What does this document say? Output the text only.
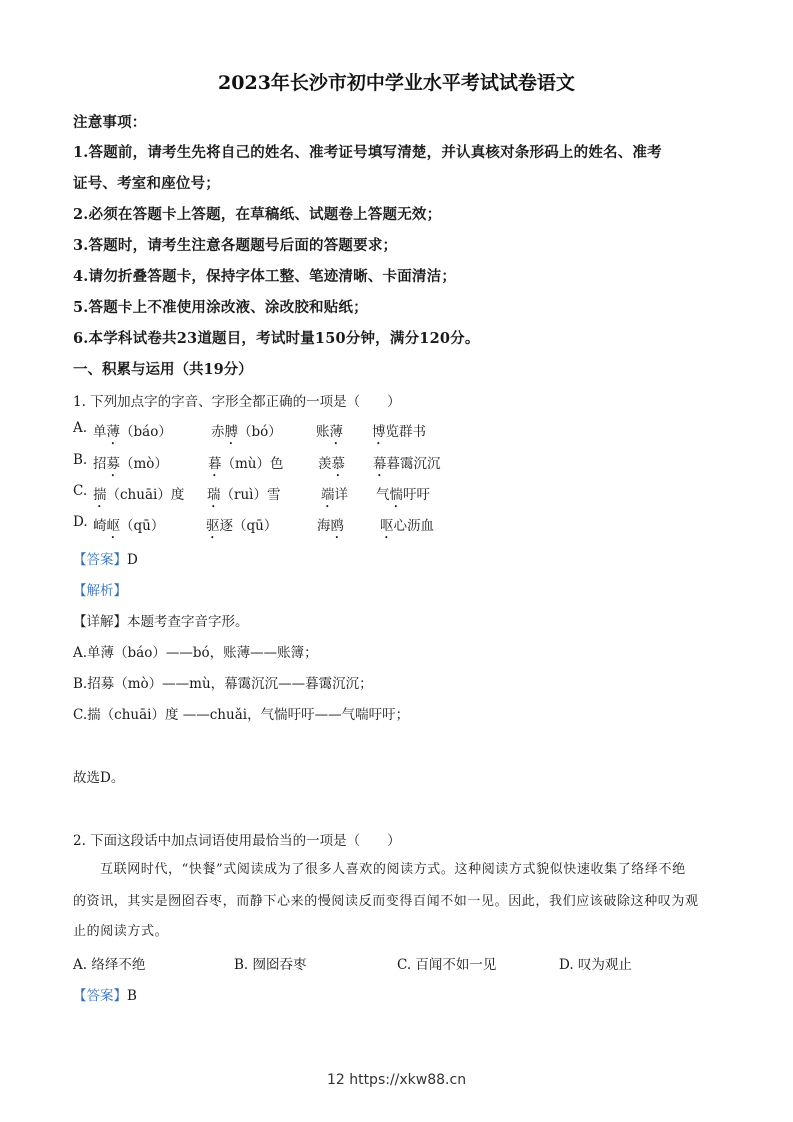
2023年长沙市初中学业水平考试试卷语文
注意事项：
1.答题前，请考生先将自己的姓名、准考证号填写清楚，并认真核对条形码上的姓名、准考
证号、考室和座位号；
2.必须在答题卡上答题，在草稿纸、试题卷上答题无效；
3.答题时，请考生注意各题题号后面的答题要求；
4.请勿折叠答题卡，保持字体工整、笔迹清晰、卡面清洁；
5.答题卡上不准使用涂改液、涂改胶和贴纸；
6.本学科试卷共23道题目，考试时量150分钟，满分120分。
一、积累与运用（共19分）
1. 下列加点字的字音、字形全都正确的一项是（　　）
A. 单薄（báo）	赤膊（bó）	账薄 博览群书
B. 招募（mò）	暮（mù）色	羡慕 幕暮霭沉沉
C. 揣（chuāi）度 瑞（ruì）雪	端详 气惴吁吁
D. 崎岖（qū）	驱逐（qū）	海鸥	呕心沥血
【答案】D
【解析】
【详解】本题考查字音字形。
A.单薄（báo）——bó，账薄——账簿；
B.招募（mò）——mù，幕霭沉沉——暮霭沉沉；
C.揣（chuāi）度 ——chuǎi，气惴吁吁——气喘吁吁；
故选D。
2. 下面这段话中加点词语使用最恰当的一项是（　　）
互联网时代，“快餐”式阅读成为了很多人喜欢的阅读方式。这种阅读方式貌似快速收集了络绎不绝
的资讯，其实是囫囵吞枣，而静下心来的慢阅读反而变得百闻不如一见。因此，我们应该破除这种叹为观
止的阅读方式。
A. 络绎不绝	B. 囫囵吞枣	C. 百闻不如一见	D. 叹为观止
【答案】B
12 https://xkw88.cn
